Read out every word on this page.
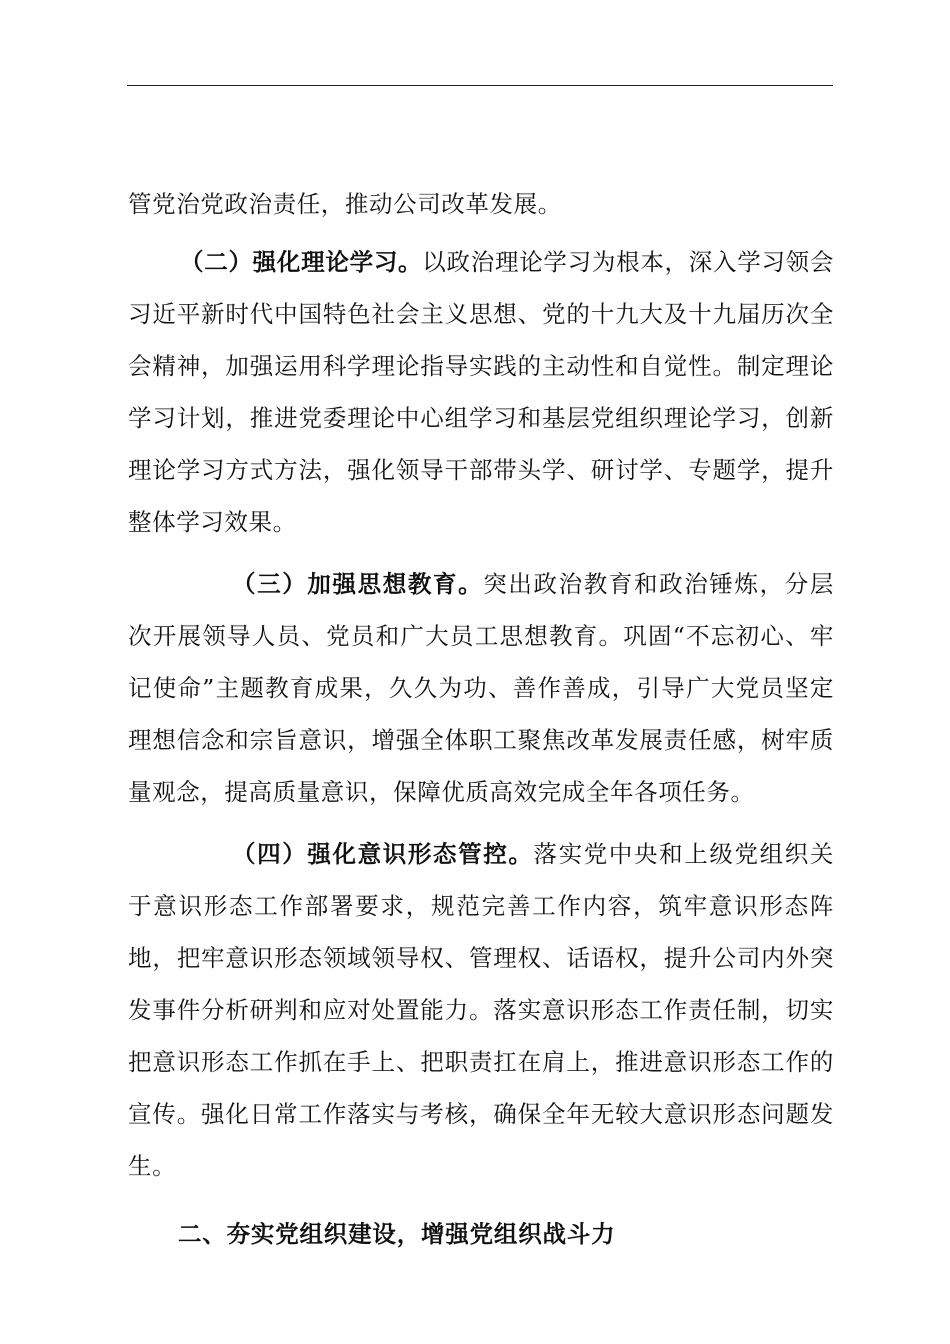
管党治党政治责任，推动公司改革发展。

（二）强化理论学习。以政治理论学习为根本，深入学习领会习近平新时代中国特色社会主义思想、党的十九大及十九届历次全会精神，加强运用科学理论指导实践的主动性和自觉性。制定理论学习计划，推进党委理论中心组学习和基层党组织理论学习，创新理论学习方式方法，强化领导干部带头学、研讨学、专题学，提升整体学习效果。

（三）加强思想教育。突出政治教育和政治锤炼，分层次开展领导人员、党员和广大员工思想教育。巩固“不忘初心、牢记使命”主题教育成果，久久为功、善作善成，引导广大党员坚定理想信念和宗旨意识，增强全体职工聚焦改革发展责任感，树牢质量观念，提高质量意识，保障优质高效完成全年各项任务。

（四）强化意识形态管控。落实党中央和上级党组织关于意识形态工作部署要求，规范完善工作内容，筑牢意识形态阵地，把牢意识形态领域领导权、管理权、话语权，提升公司内外突发事件分析研判和应对处置能力。落实意识形态工作责任制，切实把意识形态工作抓在手上、把职责扛在肩上，推进意识形态工作的宣传。强化日常工作落实与考核，确保全年无较大意识形态问题发生。

二、夯实党组织建设，增强党组织战斗力
